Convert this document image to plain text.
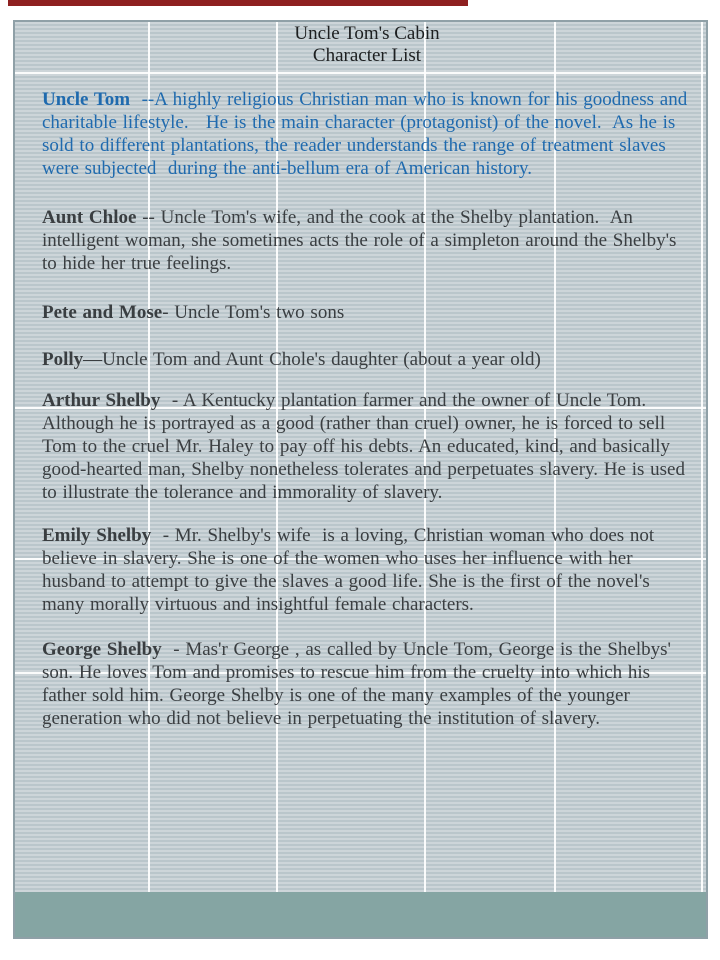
Uncle Tom's Cabin
Character List

Uncle Tom  --A highly religious Christian man who is known for his goodness and charitable lifestyle.   He is the main character (protagonist) of the novel.  As he is sold to different plantations, the reader understands the range of treatment slaves were subjected  during the anti-bellum era of American history.

Aunt Chloe -- Uncle Tom's wife, and the cook at the Shelby plantation.  An intelligent woman, she sometimes acts the role of a simpleton around the Shelby's  to hide her true feelings.

Pete and Mose- Uncle Tom's two sons

Polly—Uncle Tom and Aunt Chole's daughter (about a year old)

Arthur Shelby  - A Kentucky plantation farmer and the owner of Uncle Tom.  Although he is portrayed as a good (rather than cruel) owner, he is forced to sell Tom to the cruel Mr. Haley to pay off his debts. An educated, kind, and basically good-hearted man, Shelby nonetheless tolerates and perpetuates slavery. He is used to illustrate the tolerance and immorality of slavery.

Emily Shelby  - Mr. Shelby's wife  is a loving, Christian woman who does not believe in slavery. She is one of the women who uses her influence with her husband to attempt to give the slaves a good life. She is the first of the novel's many morally virtuous and insightful female characters.

George Shelby  - Mas'r George , as called by Uncle Tom, George is the Shelbys' son. He loves Tom and promises to rescue him from the cruelty into which his father sold him. George Shelby is one of the many examples of the younger generation who did not believe in perpetuating the institution of slavery.
